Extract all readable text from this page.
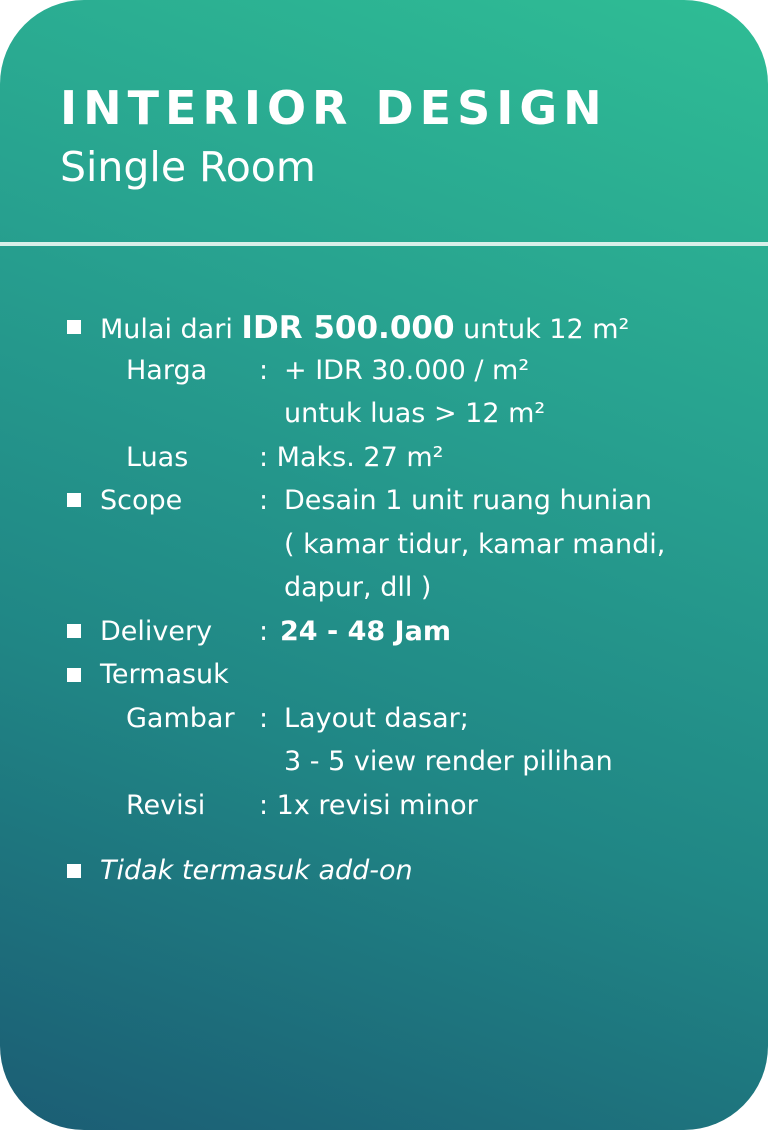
INTERIOR DESIGN
Single Room
Mulai dari IDR 500.000 untuk 12 m²
Harga : + IDR 30.000 / m²
untuk luas > 12 m²
Luas	: Maks. 27 m²
Scope	: Desain 1 unit ruang hunian
( kamar tidur, kamar mandi,
dapur, dll )
Delivery : 24 - 48 Jam
Termasuk
Gambar : Layout dasar;
3 - 5 view render pilihan
Revisi : 1x revisi minor
Tidak termasuk add-on
